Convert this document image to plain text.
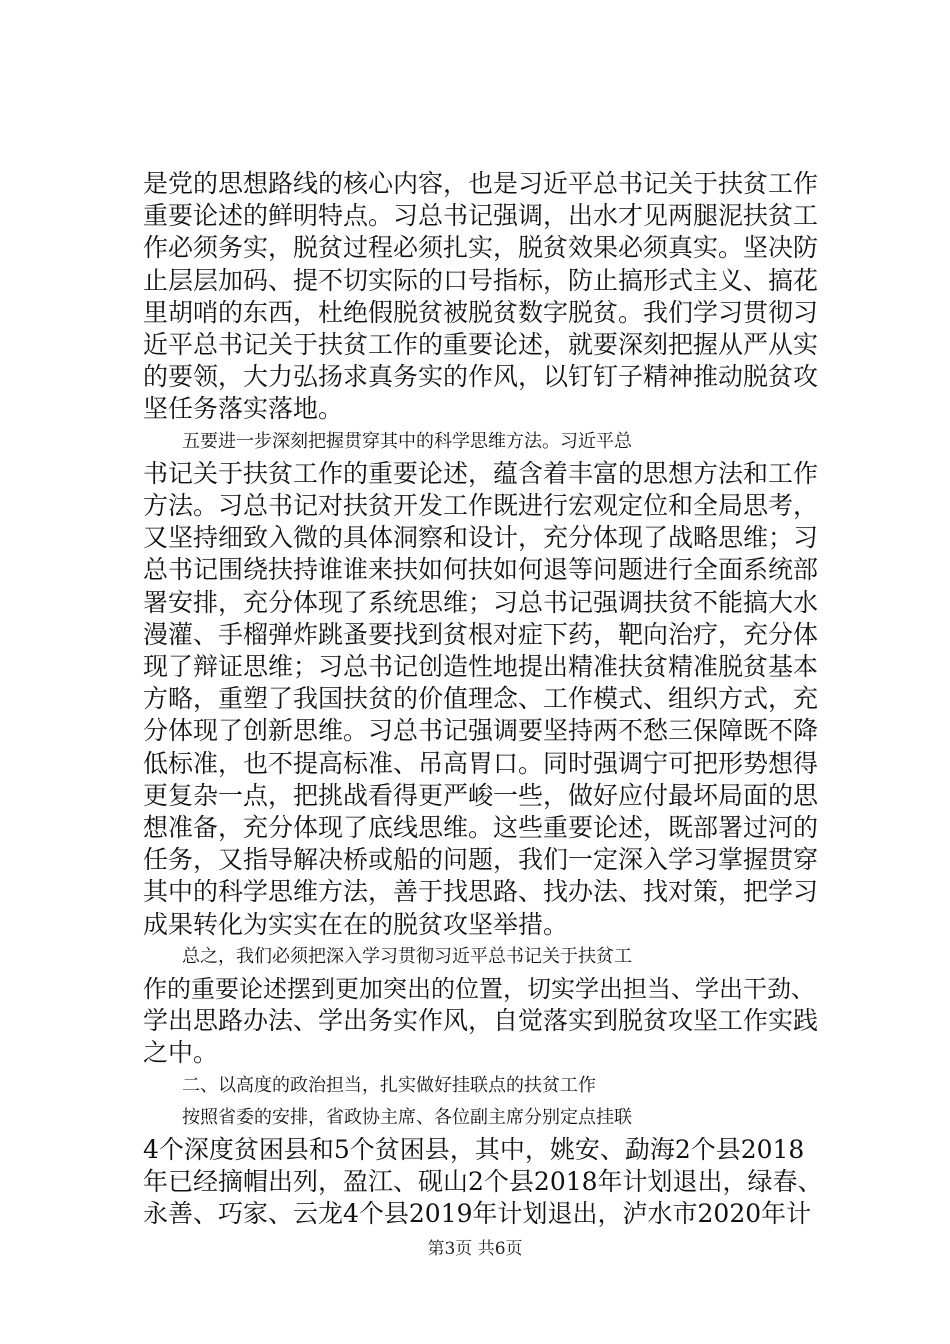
是党的思想路线的核心内容，也是习近平总书记关于扶贫工作
重要论述的鲜明特点。习总书记强调，出水才见两腿泥扶贫工
作必须务实，脱贫过程必须扎实，脱贫效果必须真实。坚决防
止层层加码、提不切实际的口号指标，防止搞形式主义、搞花
里胡哨的东西，杜绝假脱贫被脱贫数字脱贫。我们学习贯彻习
近平总书记关于扶贫工作的重要论述，就要深刻把握从严从实
的要领，大力弘扬求真务实的作风，以钉钉子精神推动脱贫攻
坚任务落实落地。
五要进一步深刻把握贯穿其中的科学思维方法。习近平总
书记关于扶贫工作的重要论述，蕴含着丰富的思想方法和工作
方法。习总书记对扶贫开发工作既进行宏观定位和全局思考，
又坚持细致入微的具体洞察和设计，充分体现了战略思维；习
总书记围绕扶持谁谁来扶如何扶如何退等问题进行全面系统部
署安排，充分体现了系统思维；习总书记强调扶贫不能搞大水
漫灌、手榴弹炸跳蚤要找到贫根对症下药，靶向治疗，充分体
现了辩证思维；习总书记创造性地提出精准扶贫精准脱贫基本
方略，重塑了我国扶贫的价值理念、工作模式、组织方式，充
分体现了创新思维。习总书记强调要坚持两不愁三保障既不降
低标准，也不提高标准、吊高胃口。同时强调宁可把形势想得
更复杂一点，把挑战看得更严峻一些，做好应付最坏局面的思
想准备，充分体现了底线思维。这些重要论述，既部署过河的
任务，又指导解决桥或船的问题，我们一定深入学习掌握贯穿
其中的科学思维方法，善于找思路、找办法、找对策，把学习
成果转化为实实在在的脱贫攻坚举措。
总之，我们必须把深入学习贯彻习近平总书记关于扶贫工
作的重要论述摆到更加突出的位置，切实学出担当、学出干劲、
学出思路办法、学出务实作风，自觉落实到脱贫攻坚工作实践
之中。
二、以高度的政治担当，扎实做好挂联点的扶贫工作
按照省委的安排，省政协主席、各位副主席分别定点挂联
4个深度贫困县和5个贫困县，其中，姚安、勐海2个县2018
年已经摘帽出列，盈江、砚山2个县2018年计划退出，绿春、
永善、巧家、云龙4个县2019年计划退出，泸水市2020年计
第3页 共6页
